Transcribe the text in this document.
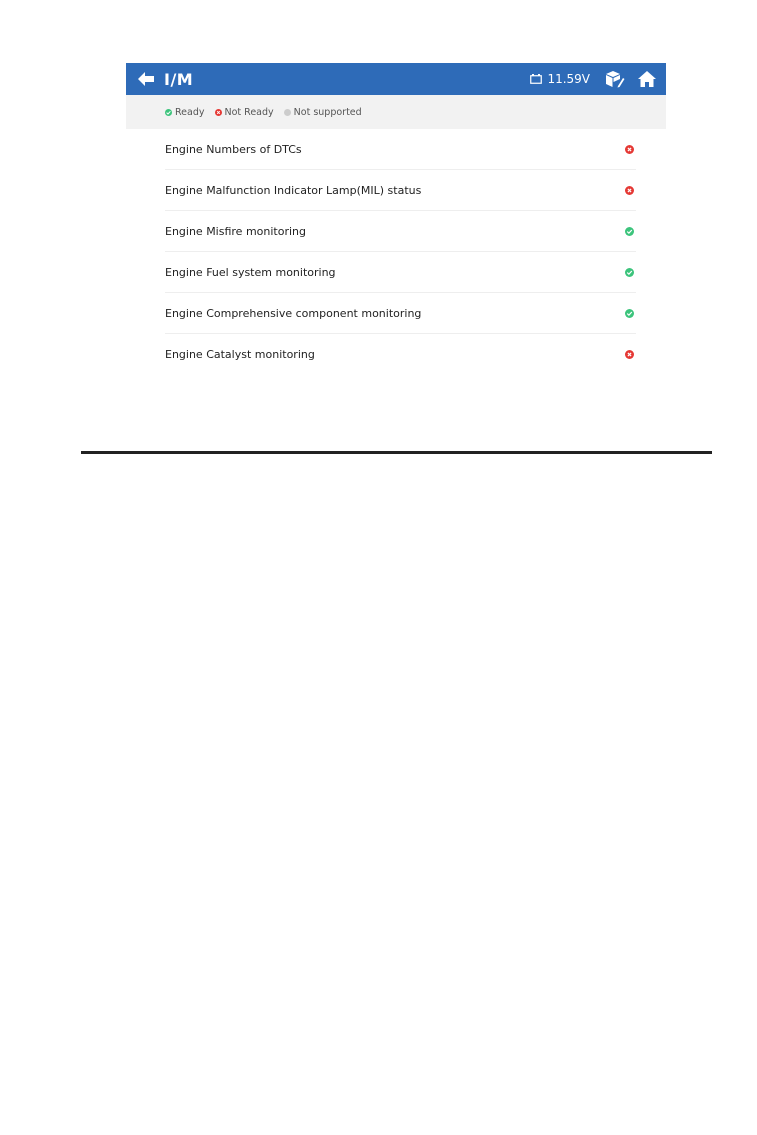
I/M	11.59V
Ready Not Ready Not supported
Engine Numbers of DTCs
Engine Malfunction Indicator Lamp(MIL) status
Engine Misfire monitoring
Engine Fuel system monitoring
Engine Comprehensive component monitoring
Engine Catalyst monitoring
